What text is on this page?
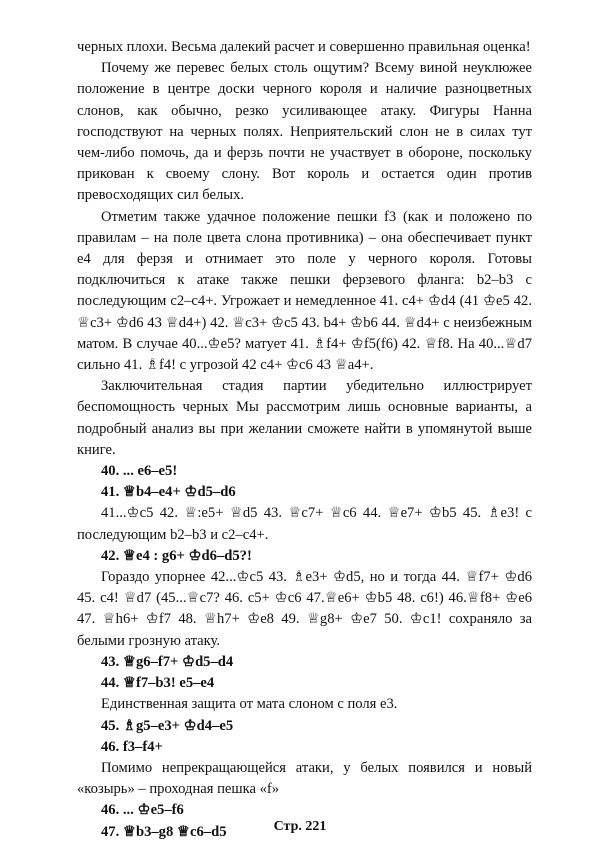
черных плохи. Весьма далекий расчет и совершенно правильная оценка!

Почему же перевес белых столь ощутим? Всему виной неуклюжее положение в центре доски черного короля и наличие разноцветных слонов, как обычно, резко усиливающее атаку. Фигуры Нанна господствуют на черных полях. Неприятельский слон не в силах тут чем-либо помочь, да и ферзь почти не участвует в обороне, поскольку прикован к своему слону. Вот король и остается один против превосходящих сил белых.

Отметим также удачное положение пешки f3 (как и положено по правилам – на поле цвета слона противника) – она обеспечивает пункт e4 для ферзя и отнимает это поле у черного короля. Готовы подключиться к атаке также пешки ферзевого фланга: b2–b3 с последующим c2–c4+. Угрожает и немедленное 41. c4+ ♔d4 (41 ♔e5 42. ♕c3+ ♔d6 43 ♕d4+) 42. ♕c3+ ♔c5 43. b4+ ♔b6 44. ♕d4+ с неизбежным матом. В случае 40...♔e5? матует 41. ♗f4+ ♔f5(f6) 42. ♕f8. На 40...♕d7 сильно 41. ♗f4! с угрозой 42 c4+ ♔c6 43 ♕a4+.

Заключительная стадия партии убедительно иллюстрирует беспомощность черных Мы рассмотрим лишь основные варианты, а подробный анализ вы при желании сможете найти в упомянутой выше книге.

40. ... e6–e5!

41. ♕b4–e4+ ♔d5–d6

41...♔c5 42. ♕:e5+ ♕d5 43. ♕c7+ ♕c6 44. ♕e7+ ♔b5 45. ♗e3! с последующим b2–b3 и c2–c4+.

42. ♕e4 : g6+ ♔d6–d5?!

Гораздо упорнее 42...♔c5 43. ♗e3+ ♔d5, но и тогда 44. ♕f7+ ♔d6 45. c4! ♕d7 (45...♕c7? 46. c5+ ♔c6 47.♕e6+ ♔b5 48. c6!) 46.♕f8+ ♔e6 47. ♕h6+ ♔f7 48. ♕h7+ ♔e8 49. ♕g8+ ♔e7 50. ♔c1! сохраняло за белыми грозную атаку.

43. ♕g6–f7+ ♔d5–d4

44. ♕f7–b3! e5–e4

Единственная защита от мата слоном с поля e3.

45. ♗g5–e3+ ♔d4–e5

46. f3–f4+

Помимо непрекращающейся атаки, у белых появился и новый «козырь» – проходная пешка «f»

46. ... ♔e5–f6

47. ♕b3–g8 ♕c6–d5	Стр. 221
